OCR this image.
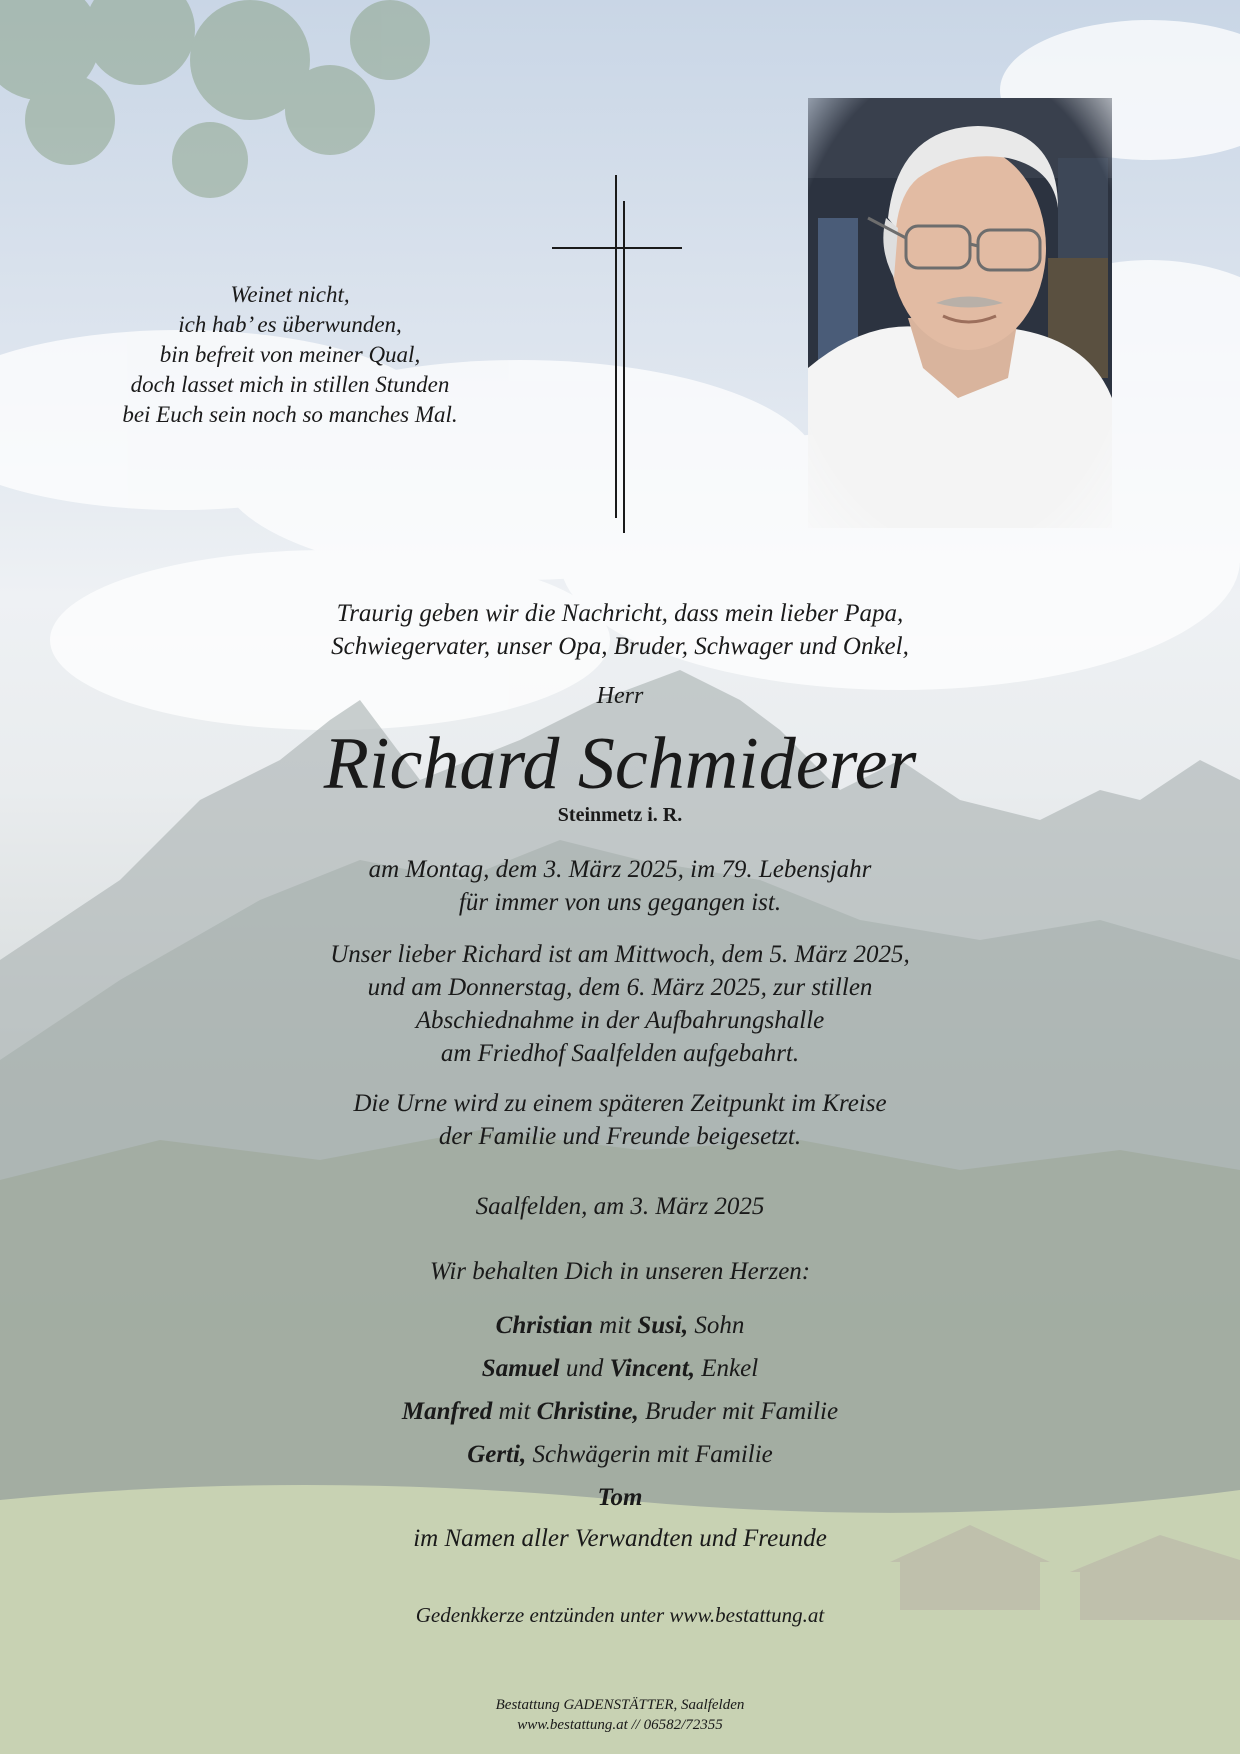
Weinet nicht,
ich hab’ es überwunden,
bin befreit von meiner Qual,
doch lasset mich in stillen Stunden
bei Euch sein noch so manches Mal.
Traurig geben wir die Nachricht, dass mein lieber Papa,
Schwiegervater, unser Opa, Bruder, Schwager und Onkel,
Herr
Richard Schmiderer
Steinmetz i. R.
am Montag, dem 3. März 2025, im 79. Lebensjahr
für immer von uns gegangen ist.
Unser lieber Richard ist am Mittwoch, dem 5. März 2025,
und am Donnerstag, dem 6. März 2025, zur stillen
Abschiednahme in der Aufbahrungshalle
am Friedhof Saalfelden aufgebahrt.
Die Urne wird zu einem späteren Zeitpunkt im Kreise
der Familie und Freunde beigesetzt.
Saalfelden, am 3. März 2025
Wir behalten Dich in unseren Herzen:
Christian mit Susi, Sohn
Samuel und Vincent, Enkel
Manfred mit Christine, Bruder mit Familie
Gerti, Schwägerin mit Familie
Tom
im Namen aller Verwandten und Freunde
Gedenkkerze entzünden unter www.bestattung.at
Bestattung GADENSTÄTTER, Saalfelden
www.bestattung.at // 06582/72355
